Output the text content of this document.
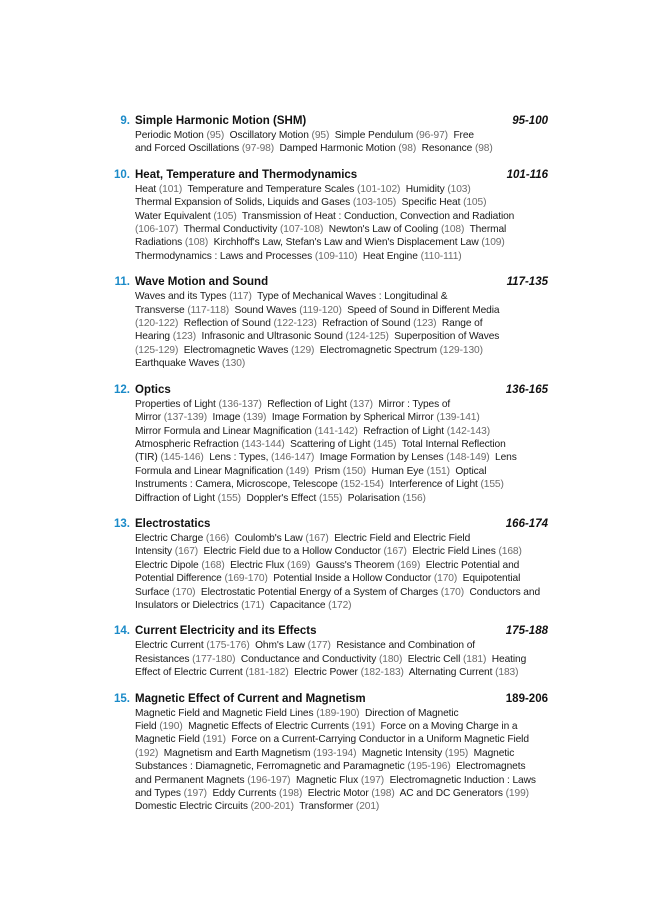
9. Simple Harmonic Motion (SHM)	95-100
Periodic Motion (95) Oscillatory Motion (95) Simple Pendulum (96-97) Free
and Forced Oscillations (97-98) Damped Harmonic Motion (98) Resonance (98)
10. Heat, Temperature and Thermodynamics	101-116
Heat (101) Temperature and Temperature Scales (101-102) Humidity (103)
Thermal Expansion of Solids, Liquids and Gases (103-105) Specific Heat (105)
Water Equivalent (105) Transmission of Heat : Conduction, Convection and Radiation
(106-107) Thermal Conductivity (107-108) Newton's Law of Cooling (108) Thermal
Radiations (108) Kirchhoff's Law, Stefan's Law and Wien's Displacement Law (109)
Thermodynamics : Laws and Processes (109-110) Heat Engine (110-111)
11. Wave Motion and Sound	117-135
Waves and its Types (117) Type of Mechanical Waves : Longitudinal &
Transverse (117-118) Sound Waves (119-120) Speed of Sound in Different Media
(120-122) Reflection of Sound (122-123) Refraction of Sound (123) Range of
Hearing (123) Infrasonic and Ultrasonic Sound (124-125) Superposition of Waves
(125-129) Electromagnetic Waves (129) Electromagnetic Spectrum (129-130)
Earthquake Waves (130)
12. Optics	136-165
Properties of Light (136-137) Reflection of Light (137) Mirror : Types of
Mirror (137-139) Image (139) Image Formation by Spherical Mirror (139-141)
Mirror Formula and Linear Magnification (141-142) Refraction of Light (142-143)
Atmospheric Refraction (143-144) Scattering of Light (145) Total Internal Reflection
(TIR) (145-146) Lens : Types, (146-147) Image Formation by Lenses (148-149) Lens
Formula and Linear Magnification (149) Prism (150) Human Eye (151) Optical
Instruments : Camera, Microscope, Telescope (152-154) Interference of Light (155)
Diffraction of Light (155) Doppler's Effect (155) Polarisation (156)
13. Electrostatics	166-174
Electric Charge (166) Coulomb's Law (167) Electric Field and Electric Field
Intensity (167) Electric Field due to a Hollow Conductor (167) Electric Field Lines (168)
Electric Dipole (168) Electric Flux (169) Gauss's Theorem (169) Electric Potential and
Potential Difference (169-170) Potential Inside a Hollow Conductor (170) Equipotential
Surface (170) Electrostatic Potential Energy of a System of Charges (170) Conductors and
Insulators or Dielectrics (171) Capacitance (172)
14. Current Electricity and its Effects	175-188
Electric Current (175-176) Ohm's Law (177) Resistance and Combination of
Resistances (177-180) Conductance and Conductivity (180) Electric Cell (181) Heating
Effect of Electric Current (181-182) Electric Power (182-183) Alternating Current (183)
15. Magnetic Effect of Current and Magnetism	189-206
Magnetic Field and Magnetic Field Lines (189-190) Direction of Magnetic
Field (190) Magnetic Effects of Electric Currents (191) Force on a Moving Charge in a
Magnetic Field (191) Force on a Current-Carrying Conductor in a Uniform Magnetic Field
(192) Magnetism and Earth Magnetism (193-194) Magnetic Intensity (195) Magnetic
Substances : Diamagnetic, Ferromagnetic and Paramagnetic (195-196) Electromagnets
and Permanent Magnets (196-197) Magnetic Flux (197) Electromagnetic Induction : Laws
and Types (197) Eddy Currents (198) Electric Motor (198) AC and DC Generators (199)
Domestic Electric Circuits (200-201) Transformer (201)
